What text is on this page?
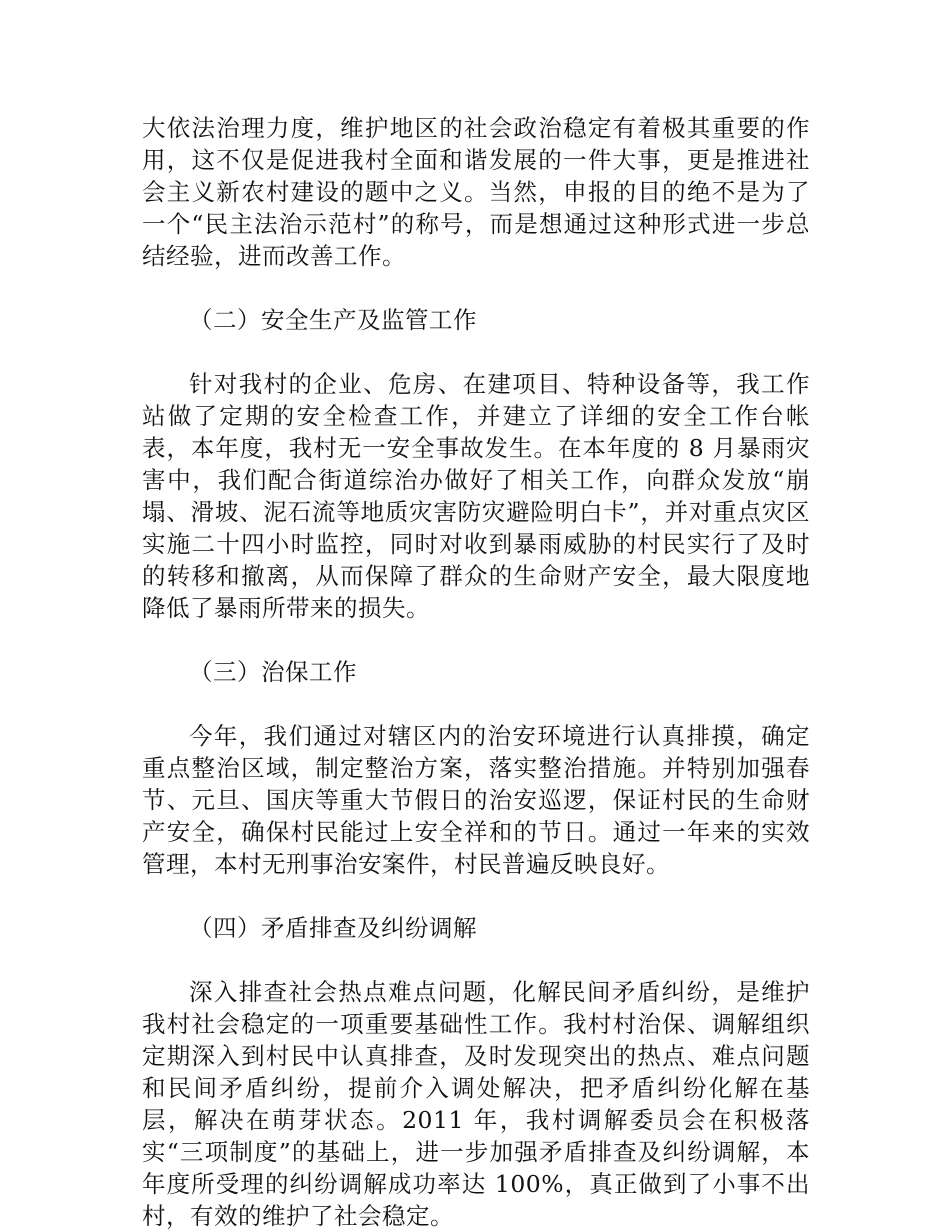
大依法治理力度，维护地区的社会政治稳定有着极其重要的作用，这不仅是促进我村全面和谐发展的一件大事，更是推进社会主义新农村建设的题中之义。当然，申报的目的绝不是为了一个“民主法治示范村”的称号，而是想通过这种形式进一步总结经验，进而改善工作。

（二）安全生产及监管工作

针对我村的企业、危房、在建项目、特种设备等，我工作站做了定期的安全检查工作，并建立了详细的安全工作台帐表，本年度，我村无一安全事故发生。在本年度的 8 月暴雨灾害中，我们配合街道综治办做好了相关工作，向群众发放“崩塌、滑坡、泥石流等地质灾害防灾避险明白卡”，并对重点灾区实施二十四小时监控，同时对收到暴雨威胁的村民实行了及时的转移和撤离，从而保障了群众的生命财产安全，最大限度地降低了暴雨所带来的损失。

（三）治保工作

今年，我们通过对辖区内的治安环境进行认真排摸，确定重点整治区域，制定整治方案，落实整治措施。并特别加强春节、元旦、国庆等重大节假日的治安巡逻，保证村民的生命财产安全，确保村民能过上安全祥和的节日。通过一年来的实效管理，本村无刑事治安案件，村民普遍反映良好。

（四）矛盾排查及纠纷调解

深入排查社会热点难点问题，化解民间矛盾纠纷，是维护我村社会稳定的一项重要基础性工作。我村村治保、调解组织定期深入到村民中认真排查，及时发现突出的热点、难点问题和民间矛盾纠纷，提前介入调处解决，把矛盾纠纷化解在基层，解决在萌芽状态。2011 年，我村调解委员会在积极落实“三项制度”的基础上，进一步加强矛盾排查及纠纷调解，本年度所受理的纠纷调解成功率达 100%，真正做到了小事不出村，有效的维护了社会稳定。
